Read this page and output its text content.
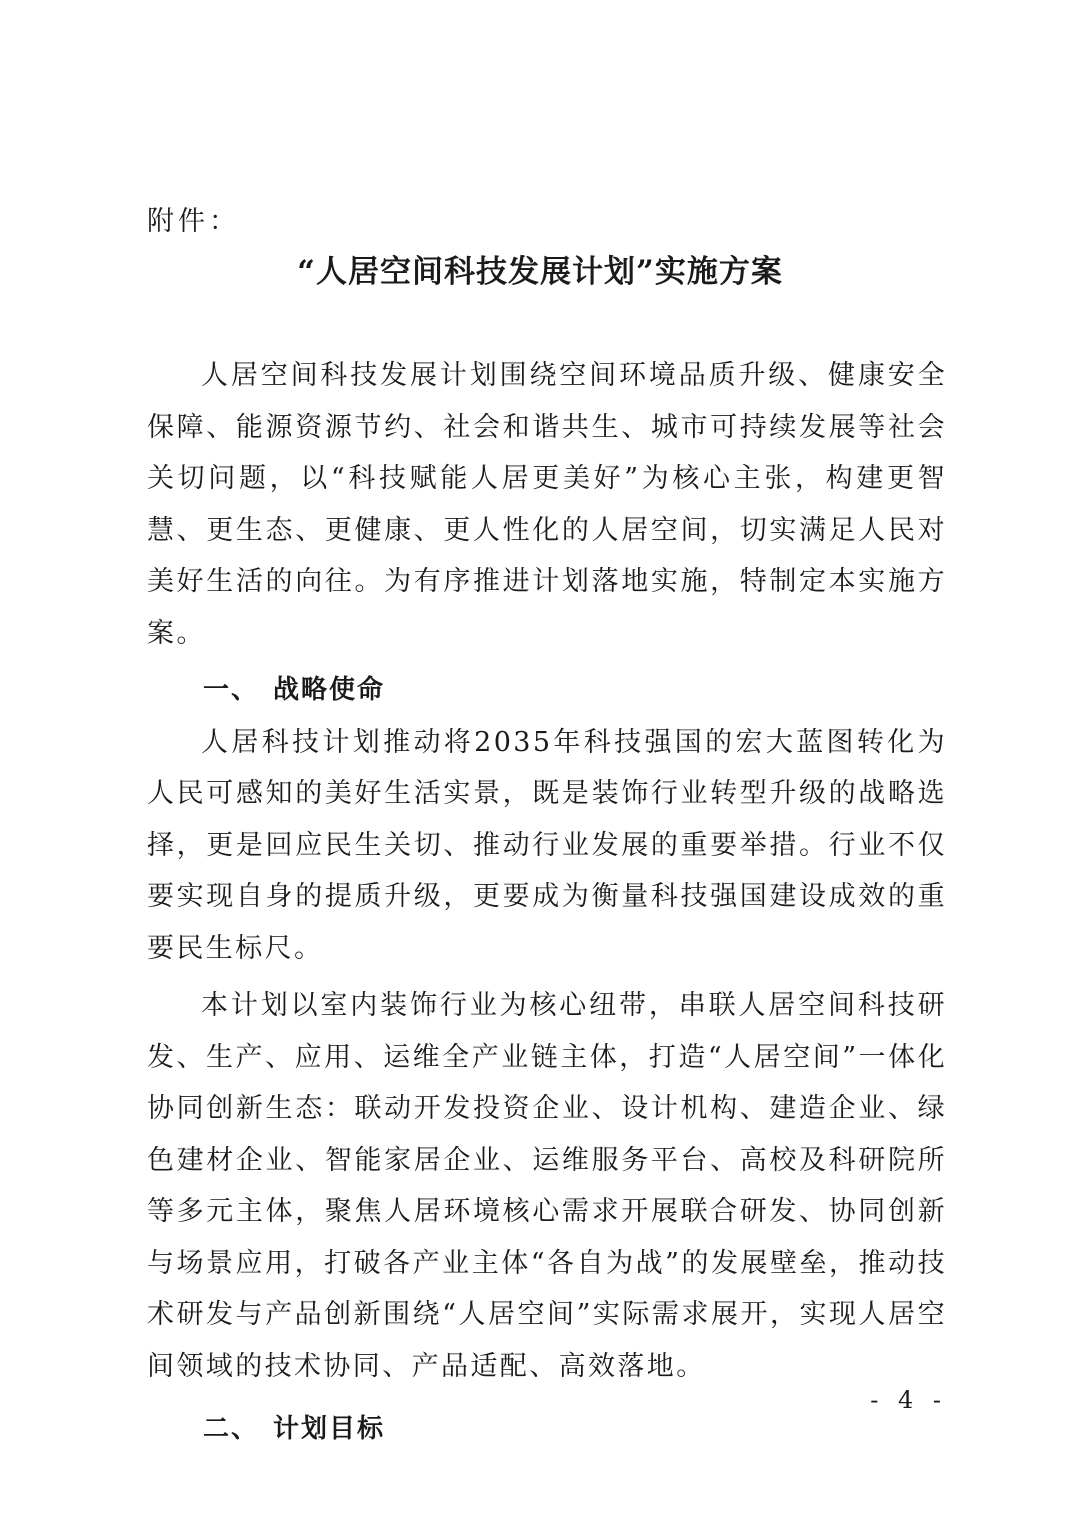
附件：
“人居空间科技发展计划”实施方案

人居空间科技发展计划围绕空间环境品质升级、健康安全保障、能源资源节约、社会和谐共生、城市可持续发展等社会关切问题，以“科技赋能人居更美好”为核心主张，构建更智慧、更生态、更健康、更人性化的人居空间，切实满足人民对美好生活的向往。为有序推进计划落地实施，特制定本实施方案。

一、 战略使命

人居科技计划推动将2035年科技强国的宏大蓝图转化为人民可感知的美好生活实景，既是装饰行业转型升级的战略选择，更是回应民生关切、推动行业发展的重要举措。行业不仅要实现自身的提质升级，更要成为衡量科技强国建设成效的重要民生标尺。

本计划以室内装饰行业为核心纽带，串联人居空间科技研发、生产、应用、运维全产业链主体，打造“人居空间”一体化协同创新生态：联动开发投资企业、设计机构、建造企业、绿色建材企业、智能家居企业、运维服务平台、高校及科研院所等多元主体，聚焦人居环境核心需求开展联合研发、协同创新与场景应用，打破各产业主体“各自为战”的发展壁垒，推动技术研发与产品创新围绕“人居空间”实际需求展开，实现人居空间领域的技术协同、产品适配、高效落地。

二、 计划目标
- 4 -
